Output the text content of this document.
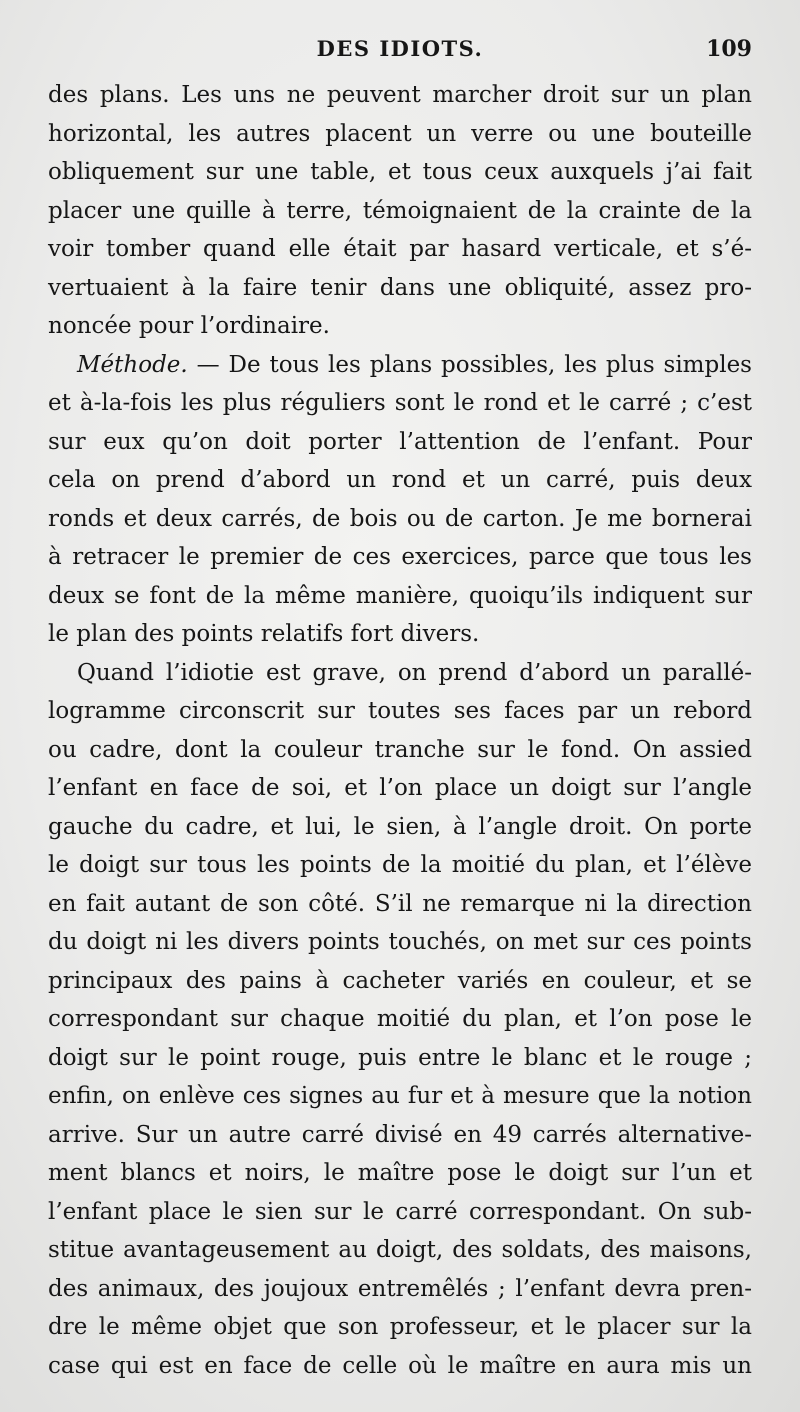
DES IDIOTS.	109
des plans. Les uns ne peuvent marcher droit sur un plan
horizontal, les autres placent un verre ou une bouteille
obliquement sur une table, et tous ceux auxquels j’ai fait
placer une quille à terre, témoignaient de la crainte de la
voir tomber quand elle était par hasard verticale, et s’é-
vertuaient à la faire tenir dans une obliquité, assez pro-
noncée pour l’ordinaire.
Méthode. — De tous les plans possibles, les plus simples
et à-la-fois les plus réguliers sont le rond et le carré ; c’est
sur eux qu’on doit porter l’attention de l’enfant. Pour
cela on prend d’abord un rond et un carré, puis deux
ronds et deux carrés, de bois ou de carton. Je me bornerai
à retracer le premier de ces exercices, parce que tous les
deux se font de la même manière, quoiqu’ils indiquent sur
le plan des points relatifs fort divers.
Quand l’idiotie est grave, on prend d’abord un parallé-
logramme circonscrit sur toutes ses faces par un rebord
ou cadre, dont la couleur tranche sur le fond. On assied
l’enfant en face de soi, et l’on place un doigt sur l’angle
gauche du cadre, et lui, le sien, à l’angle droit. On porte
le doigt sur tous les points de la moitié du plan, et l’élève
en fait autant de son côté. S’il ne remarque ni la direction
du doigt ni les divers points touchés, on met sur ces points
principaux des pains à cacheter variés en couleur, et se
correspondant sur chaque moitié du plan, et l’on pose le
doigt sur le point rouge, puis entre le blanc et le rouge ;
enfin, on enlève ces signes au fur et à mesure que la notion
arrive. Sur un autre carré divisé en 49 carrés alternative-
ment blancs et noirs, le maître pose le doigt sur l’un et
l’enfant place le sien sur le carré correspondant. On sub-
stitue avantageusement au doigt, des soldats, des maisons,
des animaux, des joujoux entremêlés ; l’enfant devra pren-
dre le même objet que son professeur, et le placer sur la
case qui est en face de celle où le maître en aura mis un
